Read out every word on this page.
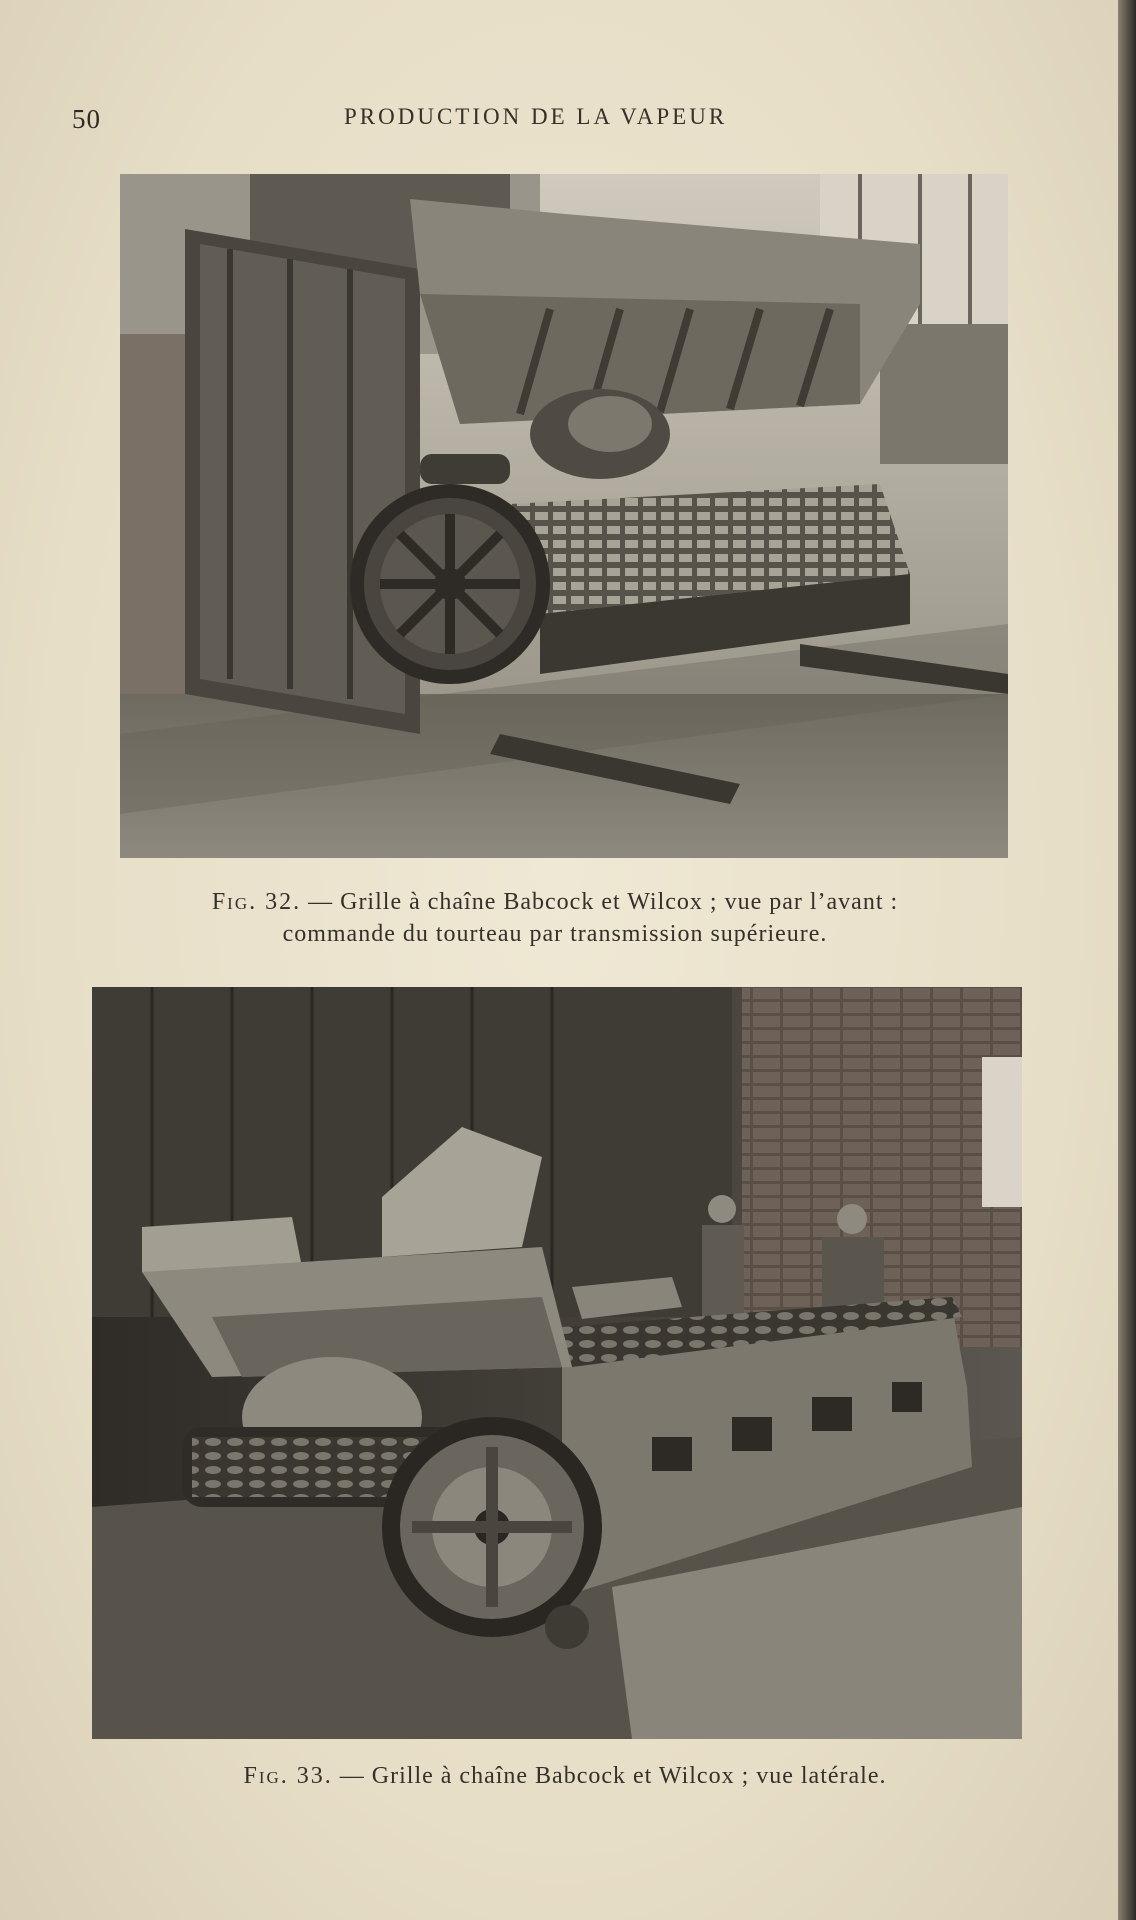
50	PRODUCTION DE LA VAPEUR
Fig. 32. — Grille à chaîne Babcock et Wilcox ; vue par l’avant :
commande du tourteau par transmission supérieure.
Fig. 33. — Grille à chaîne Babcock et Wilcox ; vue latérale.
